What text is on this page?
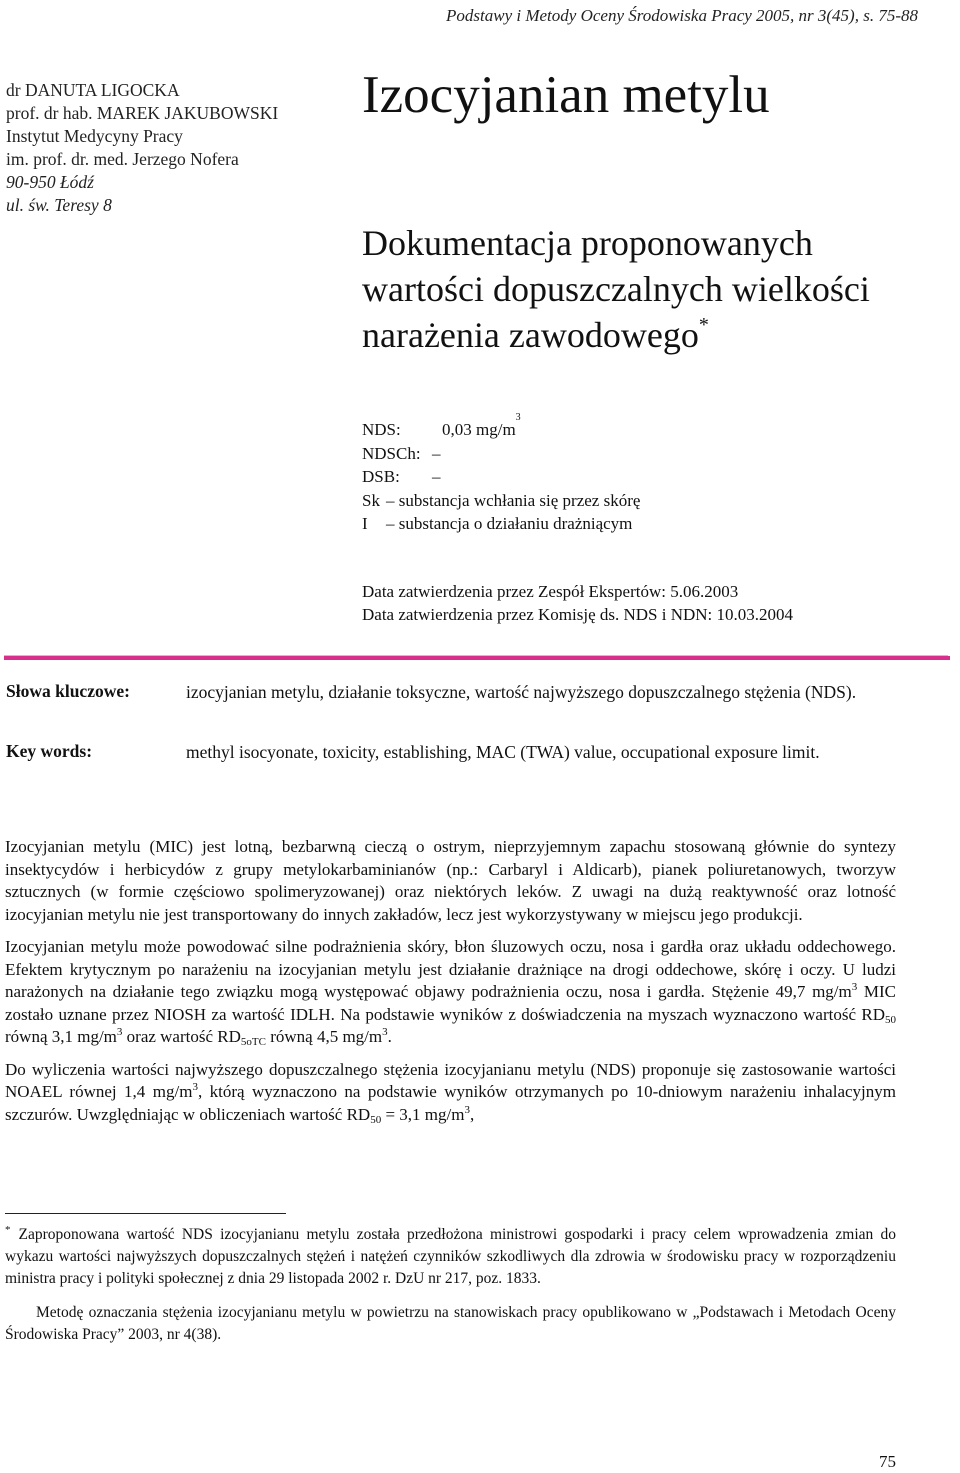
Podstawy i Metody Oceny Środowiska Pracy 2005, nr 3(45), s. 75-88
dr DANUTA LIGOCKA
prof. dr hab. MAREK JAKUBOWSKI
Instytut Medycyny Pracy
im. prof. dr. med. Jerzego Nofera
90-950 Łódź
ul. św. Teresy 8
Izocyjanian metylu
Dokumentacja proponowanych
wartości dopuszczalnych wielkości
narażenia zawodowego*
NDS:	0,03 mg/m
3
NDSCh: –
DSB:	–
Sk – substancja wchłania się przez skórę
I	– substancja o działaniu drażniącym
Data zatwierdzenia przez Zespół Ekspertów: 5.06.2003
Data zatwierdzenia przez Komisję ds. NDS i NDN: 10.03.2004
Słowa kluczowe:	izocyjanian metylu, działanie toksyczne, wartość najwyższego dopuszczalnego stężenia (NDS).
Key words:	methyl isocyonate, toxicity, establishing, MAC (TWA) value, occupational exposure limit.

Izocyjanian metylu (MIC) jest lotną, bezbarwną cieczą o ostrym, nieprzyjemnym zapachu stosowaną głównie do syntezy insektycydów i herbicydów z grupy metylokarbaminianów (np.: Carbaryl i Aldicarb), pianek poliuretanowych, tworzyw sztucznych (w formie częściowo spolimeryzowanej) oraz niektórych leków. Z uwagi na dużą reaktywność oraz lotność izocyjanian metylu nie jest transportowany do innych zakładów, lecz jest wykorzystywany w miejscu jego produkcji.

Izocyjanian metylu może powodować silne podrażnienia skóry, błon śluzowych oczu, nosa i gardła oraz układu oddechowego. Efektem krytycznym po narażeniu na izocyjanian metylu jest działanie drażniące na drogi oddechowe, skórę i oczy. U ludzi narażonych na działanie tego związku mogą występować objawy podrażnienia oczu, nosa i gardła. Stężenie 49,7 $mg/m^3$ MIC zostało uznane przez NIOSH za wartość IDLH. Na podstawie wyników z doświadczenia na myszach wyznaczono wartość $RD_{50}$ równą 3,1 $mg/m^3$ oraz wartość $RD_{5oTC}$ równą 4,5 $mg/m^3$.

Do wyliczenia wartości najwyższego dopuszczalnego stężenia izocyjanianu metylu (NDS) proponuje się zastosowanie wartości NOAEL równej 1,4 $mg/m^3$, którą wyznaczono na podstawie wyników otrzymanych po 10-dniowym narażeniu inhalacyjnym szczurów. Uwzględniając w obliczeniach wartość $RD_{50} = 3,1$ $mg/m^3$,

* Zaproponowana wartość NDS izocyjanianu metylu została przedłożona ministrowi gospodarki i pracy celem wprowadzenia zmian do wykazu wartości najwyższych dopuszczalnych stężeń i natężeń czynników szkodliwych dla zdrowia w środowisku pracy w rozporządzeniu ministra pracy i polityki społecznej z dnia 29 listopada 2002 r. DzU nr 217, poz. 1833.

Metodę oznaczania stężenia izocyjanianu metylu w powietrzu na stanowiskach pracy opublikowano w „Podstawach i Metodach Oceny Środowiska Pracy” 2003, nr 4(38).

75
